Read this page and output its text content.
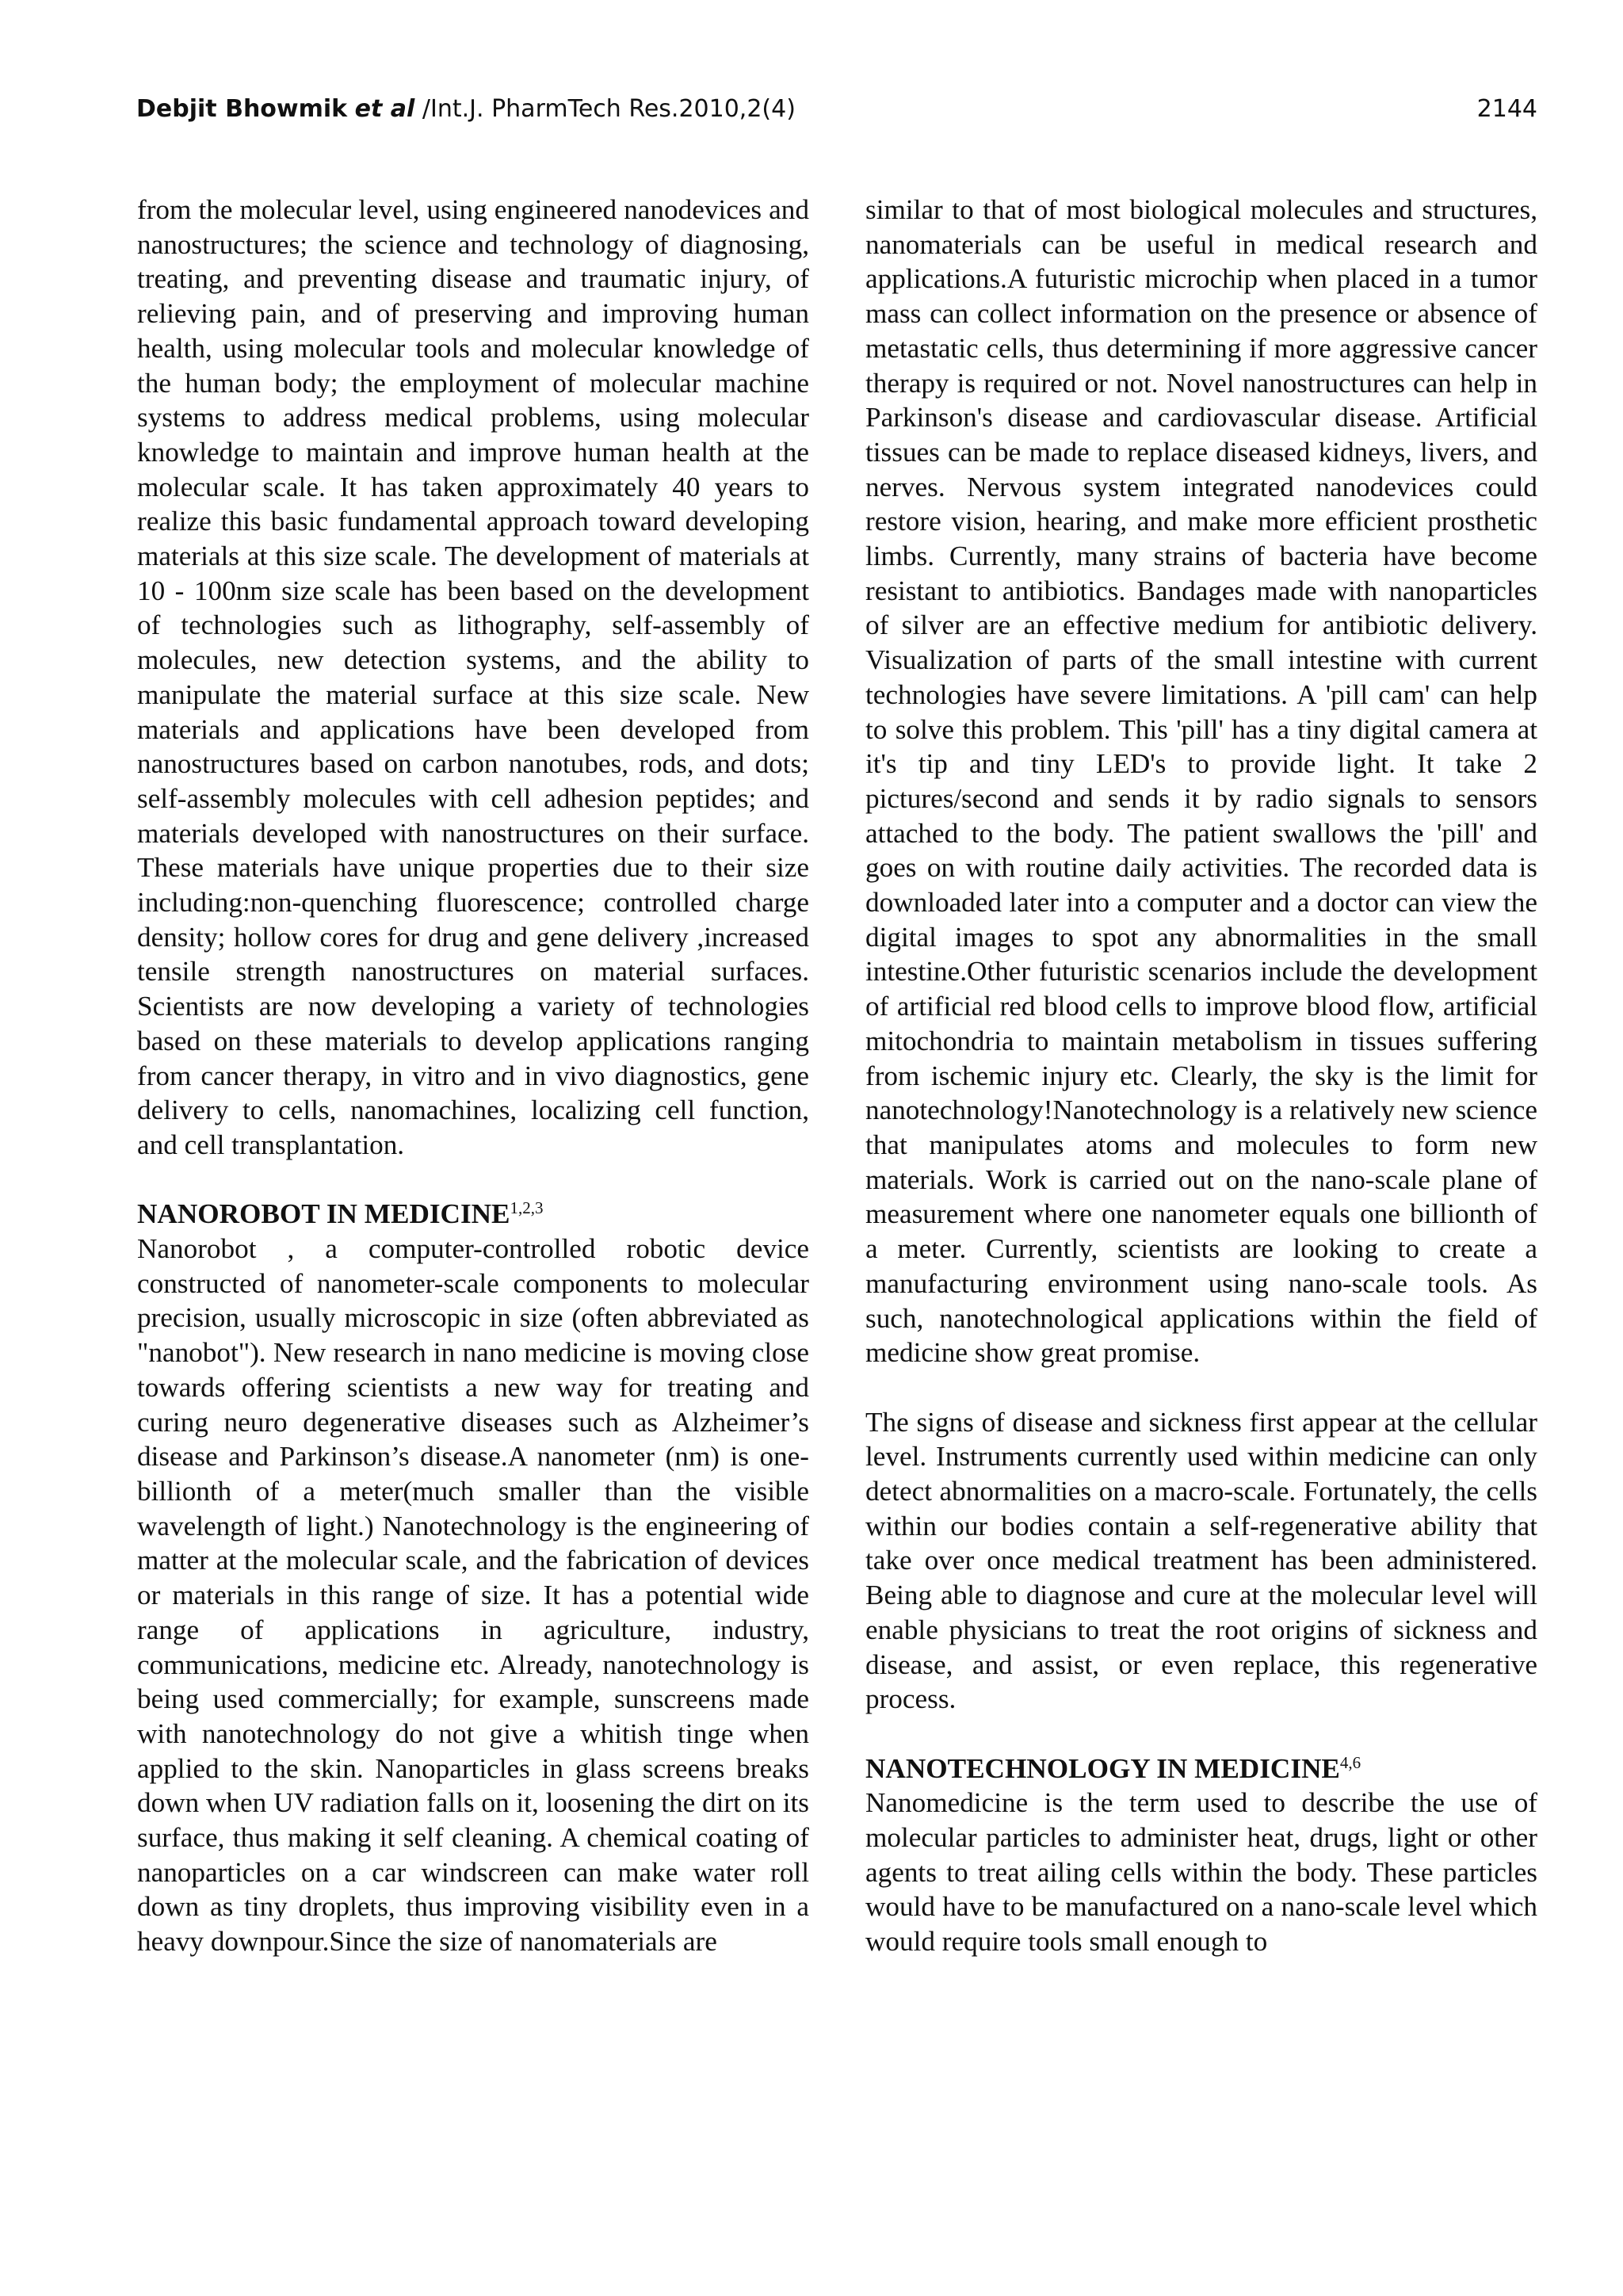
Debjit Bhowmik et al /Int.J. PharmTech Res.2010,2(4)	2144

from the molecular level, using engineered nanodevices and nanostructures; the science and technology of diagnosing, treating, and preventing disease and traumatic injury, of relieving pain, and of preserving and improving human health, using molecular tools and molecular knowledge of the human body; the employment of molecular machine systems to address medical problems, using molecular knowledge to maintain and improve human health at the molecular scale. It has taken approximately 40 years to realize this basic fundamental approach toward developing materials at this size scale. The development of materials at 10 - 100nm size scale has been based on the development of technologies such as lithography, self-assembly of molecules, new detection systems, and the ability to manipulate the material surface at this size scale. New materials and applications have been developed from nanostructures based on carbon nanotubes, rods, and dots; self-assembly molecules with cell adhesion peptides; and materials developed with nanostructures on their surface. These materials have unique properties due to their size including:non-quenching fluorescence; controlled charge density; hollow cores for drug and gene delivery ,increased tensile strength nanostructures on material surfaces. Scientists are now developing a variety of technologies based on these materials to develop applications ranging from cancer therapy, in vitro and in vivo diagnostics, gene delivery to cells, nanomachines, localizing cell function, and cell transplantation.

NANOROBOT IN MEDICINE$^{1,2,3}$

Nanorobot , a computer-controlled robotic device constructed of nanometer-scale components to molecular precision, usually microscopic in size (often abbreviated as "nanobot"). New research in nano medicine is moving close towards offering scientists a new way for treating and curing neuro degenerative diseases such as Alzheimer’s disease and Parkinson’s disease.A nanometer (nm) is one-billionth of a meter(much smaller than the visible wavelength of light.) Nanotechnology is the engineering of matter at the molecular scale, and the fabrication of devices or materials in this range of size. It has a potential wide range of applications in agriculture, industry, communications, medicine etc. Already, nanotechnology is being used commercially; for example, sunscreens made with nanotechnology do not give a whitish tinge when applied to the skin. Nanoparticles in glass screens breaks down when UV radiation falls on it, loosening the dirt on its surface, thus making it self cleaning. A chemical coating of nanoparticles on a car windscreen can make water roll down as tiny droplets, thus improving visibility even in a heavy downpour.Since the size of nanomaterials are

similar to that of most biological molecules and structures, nanomaterials can be useful in medical research and applications.A futuristic microchip when placed in a tumor mass can collect information on the presence or absence of metastatic cells, thus determining if more aggressive cancer therapy is required or not. Novel nanostructures can help in Parkinson's disease and cardiovascular disease. Artificial tissues can be made to replace diseased kidneys, livers, and nerves. Nervous system integrated nanodevices could restore vision, hearing, and make more efficient prosthetic limbs. Currently, many strains of bacteria have become resistant to antibiotics. Bandages made with nanoparticles of silver are an effective medium for antibiotic delivery. Visualization of parts of the small intestine with current technologies have severe limitations. A 'pill cam' can help to solve this problem. This 'pill' has a tiny digital camera at it's tip and tiny LED's to provide light. It take 2 pictures/second and sends it by radio signals to sensors attached to the body. The patient swallows the 'pill' and goes on with routine daily activities. The recorded data is downloaded later into a computer and a doctor can view the digital images to spot any abnormalities in the small intestine.Other futuristic scenarios include the development of artificial red blood cells to improve blood flow, artificial mitochondria to maintain metabolism in tissues suffering from ischemic injury etc. Clearly, the sky is the limit for nanotechnology!Nanotechnology is a relatively new science that manipulates atoms and molecules to form new materials. Work is carried out on the nano-scale plane of measurement where one nanometer equals one billionth of a meter. Currently, scientists are looking to create a manufacturing environment using nano-scale tools. As such, nanotechnological applications within the field of medicine show great promise.

The signs of disease and sickness first appear at the cellular level. Instruments currently used within medicine can only detect abnormalities on a macro-scale. Fortunately, the cells within our bodies contain a self-regenerative ability that take over once medical treatment has been administered. Being able to diagnose and cure at the molecular level will enable physicians to treat the root origins of sickness and disease, and assist, or even replace, this regenerative process.

NANOTECHNOLOGY IN MEDICINE$^{4,6}$

Nanomedicine is the term used to describe the use of molecular particles to administer heat, drugs, light or other agents to treat ailing cells within the body. These particles would have to be manufactured on a nano-scale level which would require tools small enough to
